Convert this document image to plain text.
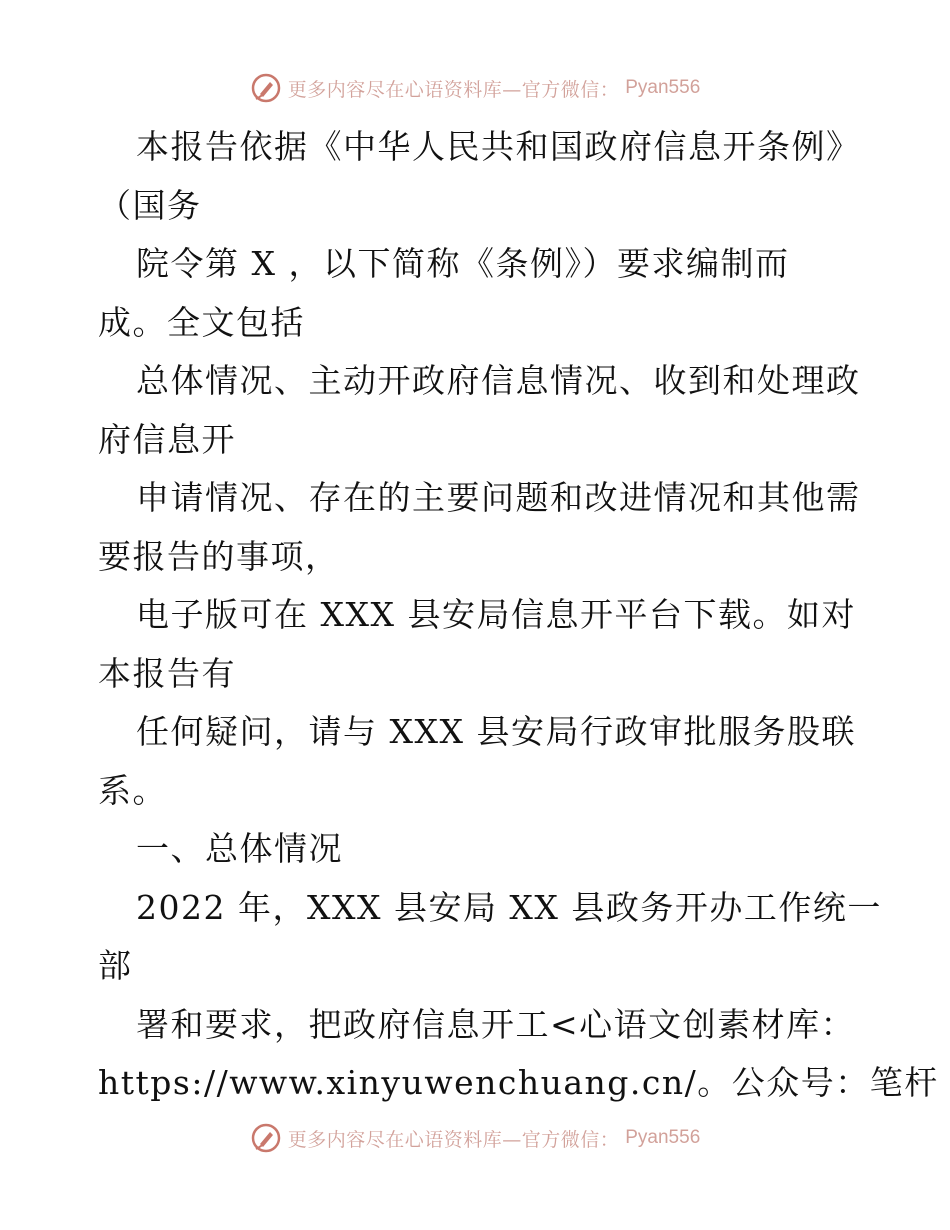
更多内容尽在心语资料库—官方微信： Pyan556
本报告依据《中华人民共和国政府信息开条例》
（国务
院令第 X ，以下简称《条例》）要求编制而
成。全文包括
总体情况、主动开政府信息情况、收到和处理政
府信息开
申请情况、存在的主要问题和改进情况和其他需
要报告的事项，
电子版可在 XXX 县安局信息开平台下载。如对
本报告有
任何疑问，请与 XXX 县安局行政审批服务股联
系。
一、总体情况
2022 年，XXX 县安局 XX 县政务开办工作统一
部
署和要求，把政府信息开工<心语文创素材库：
https://www.xinyuwenchuang.cn/。公众号：笔杆
更多内容尽在心语资料库—官方微信： Pyan556
